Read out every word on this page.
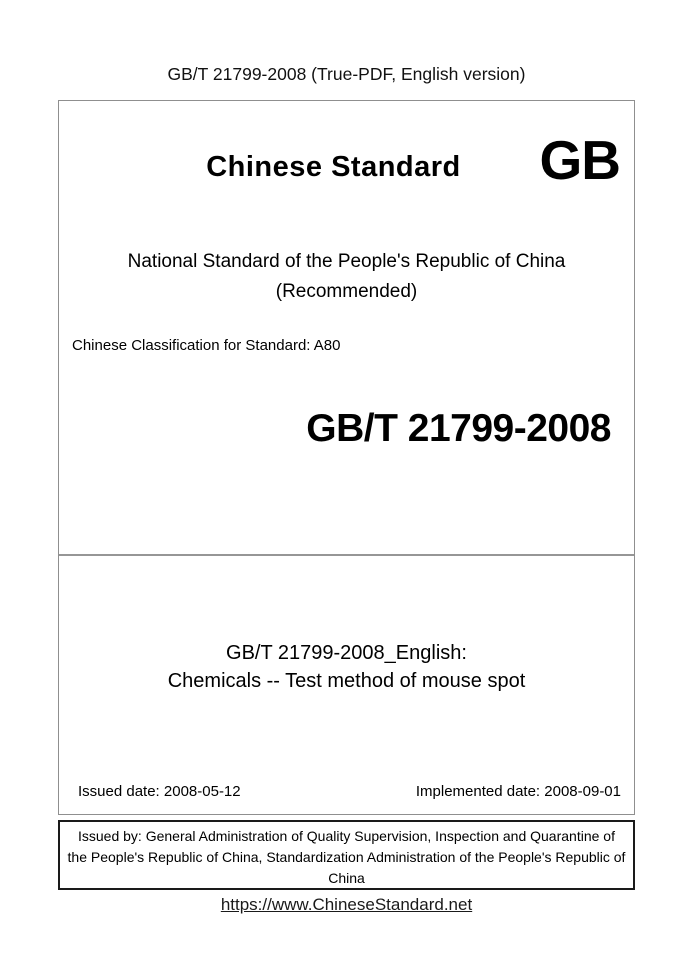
GB/T 21799-2008 (True-PDF, English version)
Chinese Standard	GB
National Standard of the People's Republic of China
(Recommended)
Chinese Classification for Standard: A80
GB/T 21799-2008
GB/T 21799-2008_English:
Chemicals -- Test method of mouse spot
Issued date: 2008-05-12	Implemented date: 2008-09-01
Issued by: General Administration of Quality Supervision, Inspection and Quarantine of
the People's Republic of China, Standardization Administration of the People's Republic of
China
https://www.ChineseStandard.net
